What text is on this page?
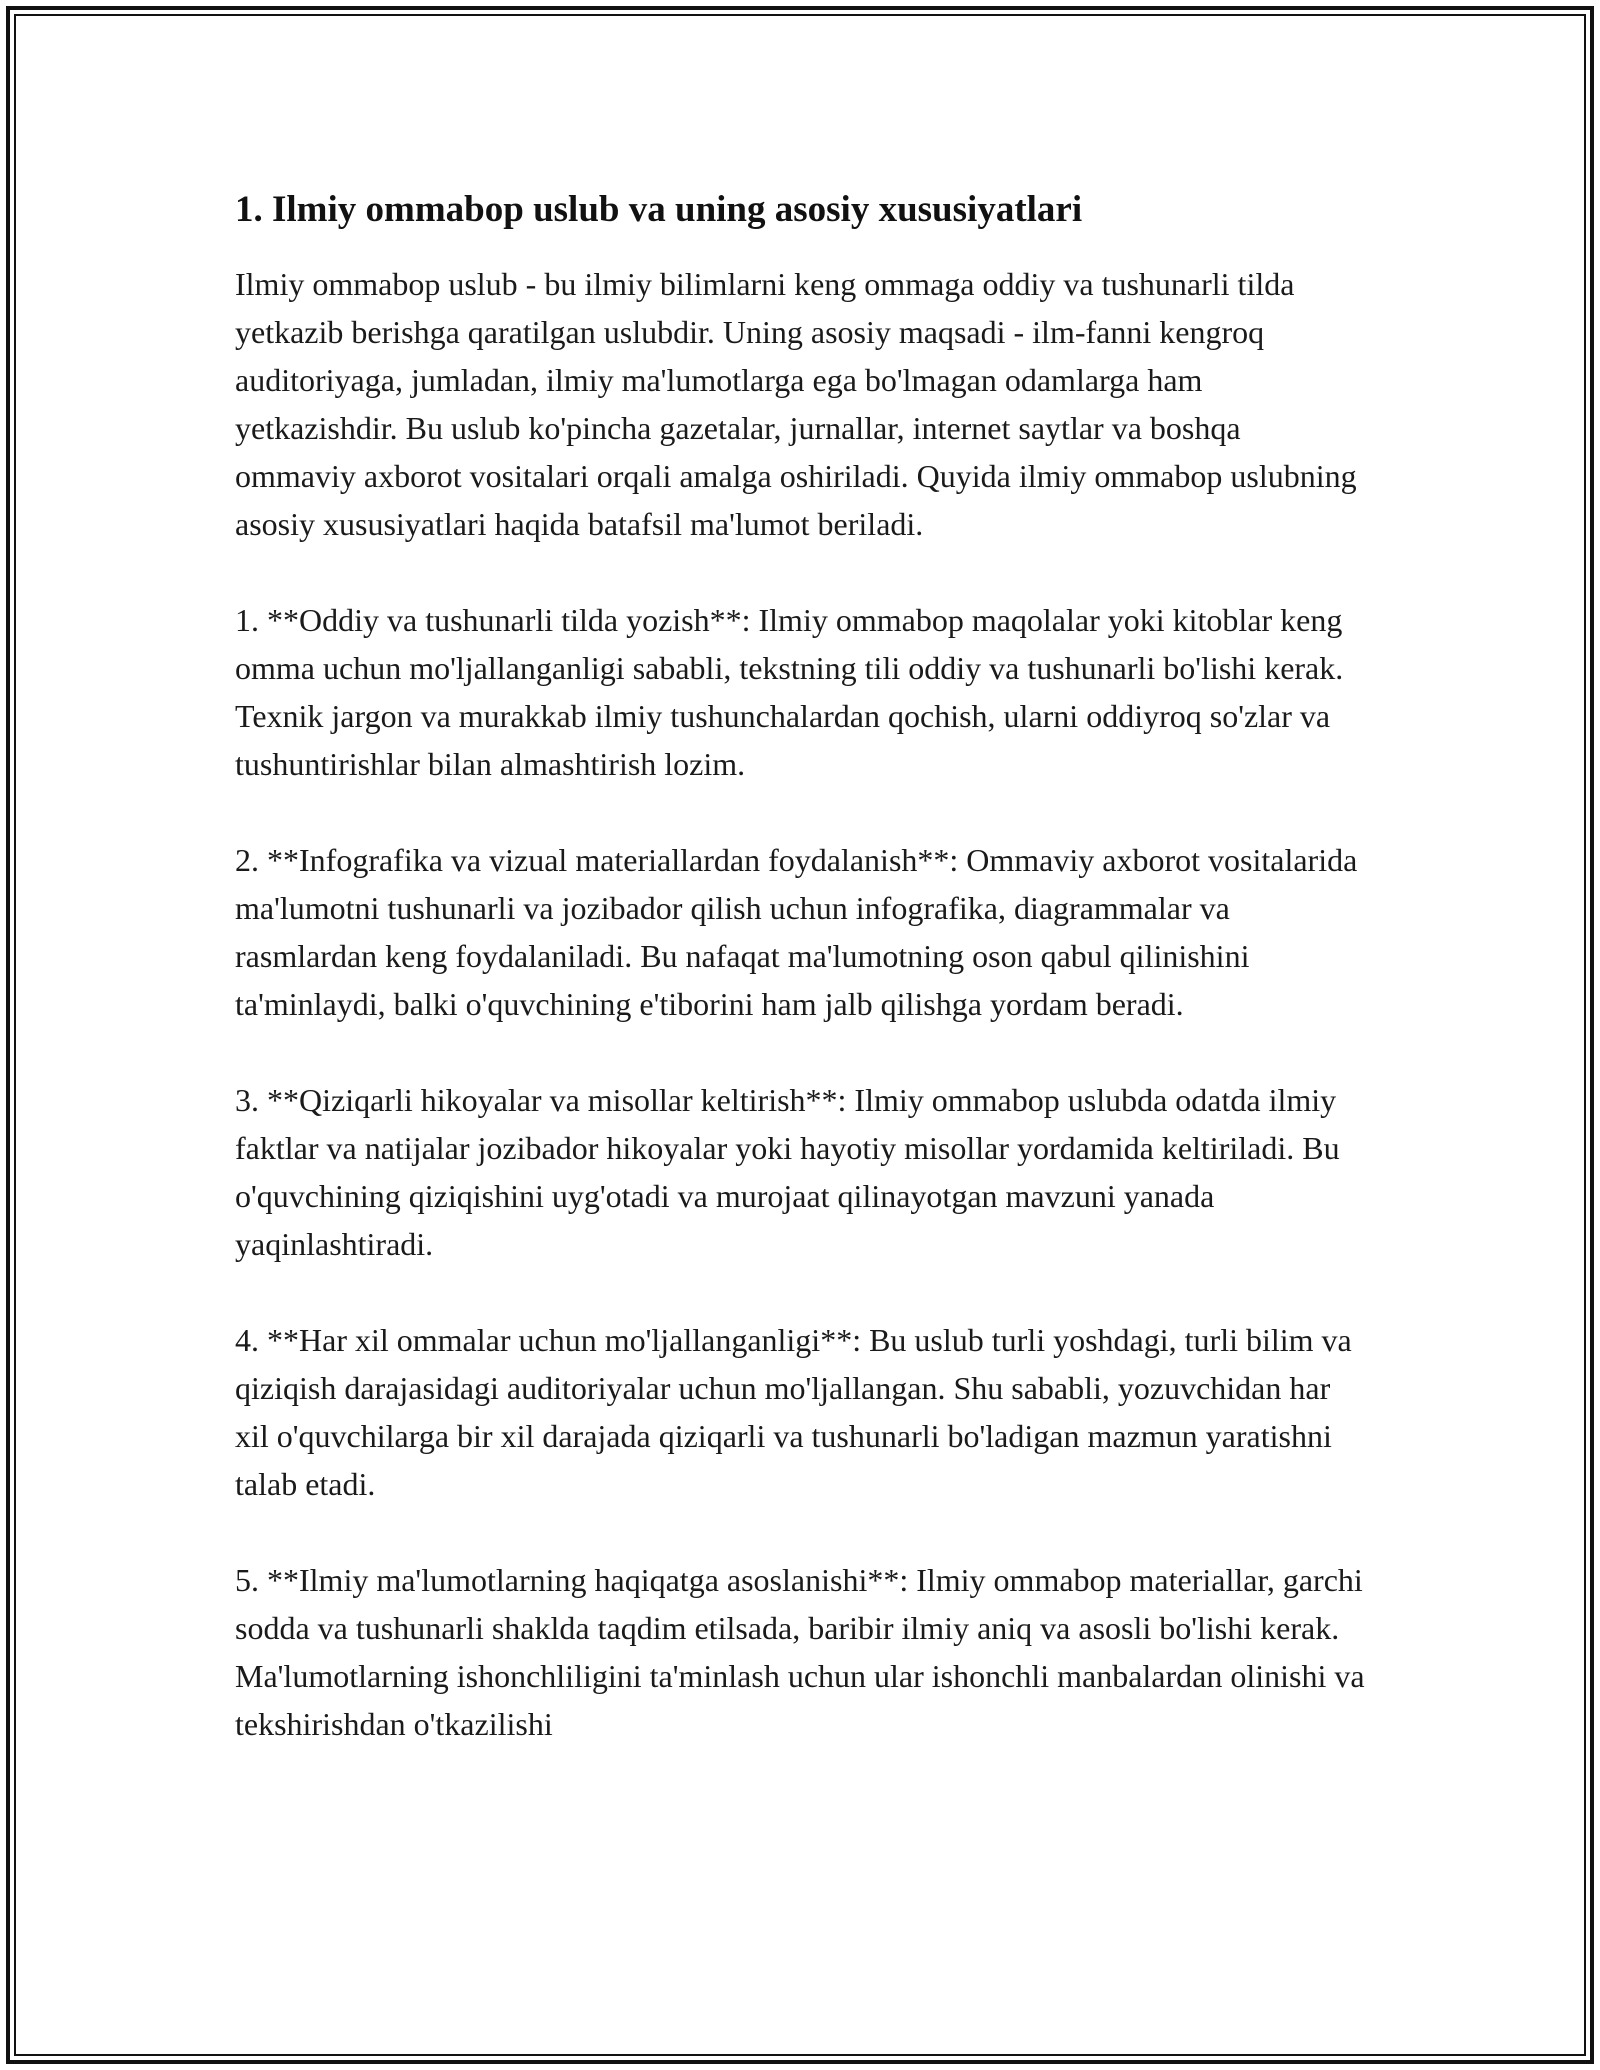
1. Ilmiy ommabop uslub va uning asosiy xususiyatlari

Ilmiy ommabop uslub - bu ilmiy bilimlarni keng ommaga oddiy va tushunarli tilda yetkazib berishga qaratilgan uslubdir. Uning asosiy maqsadi - ilm-fanni kengroq auditoriyaga, jumladan, ilmiy ma'lumotlarga ega bo'lmagan odamlarga ham yetkazishdir. Bu uslub ko'pincha gazetalar, jurnallar, internet saytlar va boshqa ommaviy axborot vositalari orqali amalga oshiriladi. Quyida ilmiy ommabop uslubning asosiy xususiyatlari haqida batafsil ma'lumot beriladi.

1. **Oddiy va tushunarli tilda yozish**: Ilmiy ommabop maqolalar yoki kitoblar keng omma uchun mo'ljallanganligi sababli, tekstning tili oddiy va tushunarli bo'lishi kerak. Texnik jargon va murakkab ilmiy tushunchalardan qochish, ularni oddiyroq so'zlar va tushuntirishlar bilan almashtirish lozim.

2. **Infografika va vizual materiallardan foydalanish**: Ommaviy axborot vositalarida ma'lumotni tushunarli va jozibador qilish uchun infografika, diagrammalar va rasmlardan keng foydalaniladi. Bu nafaqat ma'lumotning oson qabul qilinishini ta'minlaydi, balki o'quvchining e'tiborini ham jalb qilishga yordam beradi.

3. **Qiziqarli hikoyalar va misollar keltirish**: Ilmiy ommabop uslubda odatda ilmiy faktlar va natijalar jozibador hikoyalar yoki hayotiy misollar yordamida keltiriladi. Bu o'quvchining qiziqishini uyg'otadi va murojaat qilinayotgan mavzuni yanada yaqinlashtiradi.

4. **Har xil ommalar uchun mo'ljallanganligi**: Bu uslub turli yoshdagi, turli bilim va qiziqish darajasidagi auditoriyalar uchun mo'ljallangan. Shu sababli, yozuvchidan har xil o'quvchilarga bir xil darajada qiziqarli va tushunarli bo'ladigan mazmun yaratishni talab etadi.

5. **Ilmiy ma'lumotlarning haqiqatga asoslanishi**: Ilmiy ommabop materiallar, garchi sodda va tushunarli shaklda taqdim etilsada, baribir ilmiy aniq va asosli bo'lishi kerak. Ma'lumotlarning ishonchliligini ta'minlash uchun ular ishonchli manbalardan olinishi va tekshirishdan o'tkazilishi
